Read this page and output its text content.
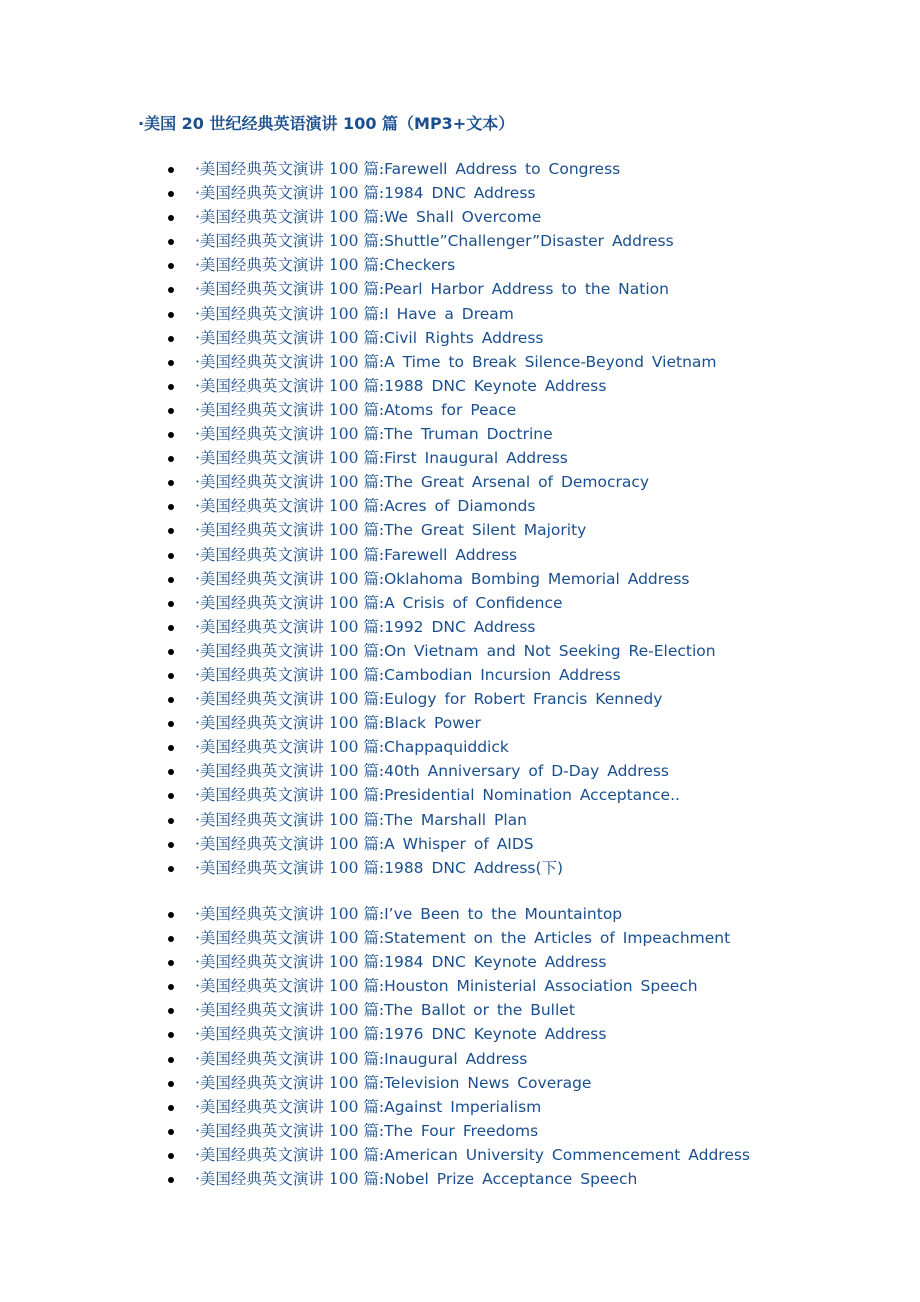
·美国 20 世纪经典英语演讲 100 篇（MP3+文本）
·美国经典英文演讲 100 篇:Farewell Address to Congress
·美国经典英文演讲 100 篇:1984 DNC Address
·美国经典英文演讲 100 篇:We Shall Overcome
·美国经典英文演讲 100 篇:Shuttle”Challenger”Disaster Address
·美国经典英文演讲 100 篇:Checkers
·美国经典英文演讲 100 篇:Pearl Harbor Address to the Nation
·美国经典英文演讲 100 篇:I Have a Dream
·美国经典英文演讲 100 篇:Civil Rights Address
·美国经典英文演讲 100 篇:A Time to Break Silence-Beyond Vietnam
·美国经典英文演讲 100 篇:1988 DNC Keynote Address
·美国经典英文演讲 100 篇:Atoms for Peace
·美国经典英文演讲 100 篇:The Truman Doctrine
·美国经典英文演讲 100 篇:First Inaugural Address
·美国经典英文演讲 100 篇:The Great Arsenal of Democracy
·美国经典英文演讲 100 篇:Acres of Diamonds
·美国经典英文演讲 100 篇:The Great Silent Majority
·美国经典英文演讲 100 篇:Farewell Address
·美国经典英文演讲 100 篇:Oklahoma Bombing Memorial Address
·美国经典英文演讲 100 篇:A Crisis of Confidence
·美国经典英文演讲 100 篇:1992 DNC Address
·美国经典英文演讲 100 篇:On Vietnam and Not Seeking Re-Election
·美国经典英文演讲 100 篇:Cambodian Incursion Address
·美国经典英文演讲 100 篇:Eulogy for Robert Francis Kennedy
·美国经典英文演讲 100 篇:Black Power
·美国经典英文演讲 100 篇:Chappaquiddick
·美国经典英文演讲 100 篇:40th Anniversary of D-Day Address
·美国经典英文演讲 100 篇:Presidential Nomination Acceptance..
·美国经典英文演讲 100 篇:The Marshall Plan
·美国经典英文演讲 100 篇:A Whisper of AIDS
·美国经典英文演讲 100 篇:1988 DNC Address(下)
·美国经典英文演讲 100 篇:I’ve Been to the Mountaintop
·美国经典英文演讲 100 篇:Statement on the Articles of Impeachment
·美国经典英文演讲 100 篇:1984 DNC Keynote Address
·美国经典英文演讲 100 篇:Houston Ministerial Association Speech
·美国经典英文演讲 100 篇:The Ballot or the Bullet
·美国经典英文演讲 100 篇:1976 DNC Keynote Address
·美国经典英文演讲 100 篇:Inaugural Address
·美国经典英文演讲 100 篇:Television News Coverage
·美国经典英文演讲 100 篇:Against Imperialism
·美国经典英文演讲 100 篇:The Four Freedoms
·美国经典英文演讲 100 篇:American University Commencement Address
·美国经典英文演讲 100 篇:Nobel Prize Acceptance Speech
